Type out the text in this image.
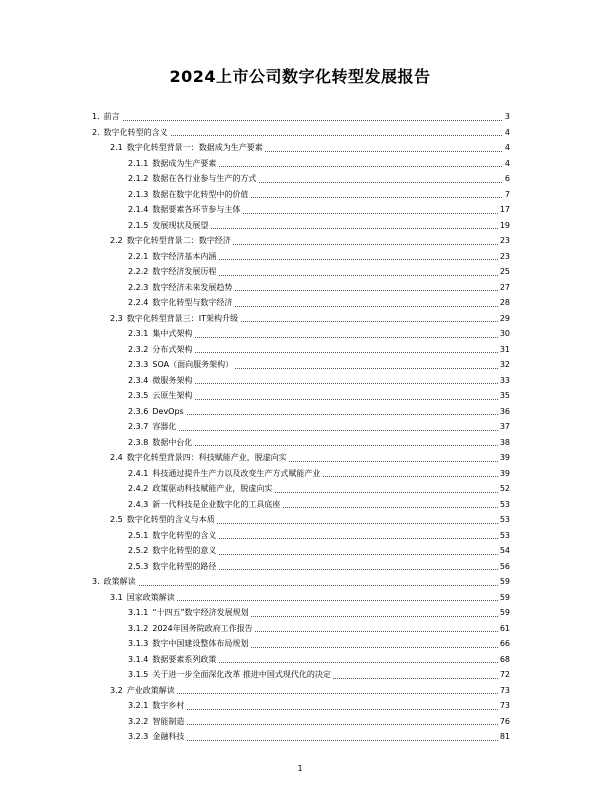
2024上市公司数字化转型发展报告
1. 前言	3
2. 数字化转型的含义	4
2.1 数字化转型背景一：数据成为生产要素	4
2.1.1 数据成为生产要素	4
2.1.2 数据在各行业参与生产的方式	6
2.1.3 数据在数字化转型中的价值	7
2.1.4 数据要素各环节参与主体	17
2.1.5 发展现状及展望	19
2.2 数字化转型背景二：数字经济	23
2.2.1 数字经济基本内涵	23
2.2.2 数字经济发展历程	25
2.2.3 数字经济未来发展趋势	27
2.2.4 数字化转型与数字经济	28
2.3 数字化转型背景三：IT架构升级	29
2.3.1 集中式架构	30
2.3.2 分布式架构	31
2.3.3 SOA（面向服务架构）	32
2.3.4 微服务架构	33
2.3.5 云原生架构	35
2.3.6 DevOps	36
2.3.7 容器化	37
2.3.8 数据中台化	38
2.4 数字化转型背景四：科技赋能产业，脱虚向实	39
2.4.1 科技通过提升生产力以及改变生产方式赋能产业	39
2.4.2 政策驱动科技赋能产业，脱虚向实	52
2.4.3 新一代科技是企业数字化的工具底座	53
2.5 数字化转型的含义与本质	53
2.5.1 数字化转型的含义	53
2.5.2 数字化转型的意义	54
2.5.3 数字化转型的路径	56
3. 政策解读	59
3.1 国家政策解读	59
3.1.1 “十四五”数字经济发展规划	59
3.1.2 2024年国务院政府工作报告	61
3.1.3 数字中国建设整体布局规划	66
3.1.4 数据要素系列政策	68
3.1.5 关于进一步全面深化改革 推进中国式现代化的决定	72
3.2 产业政策解读	73
3.2.1 数字乡村	73
3.2.2 智能制造	76
3.2.3 金融科技	81
1
